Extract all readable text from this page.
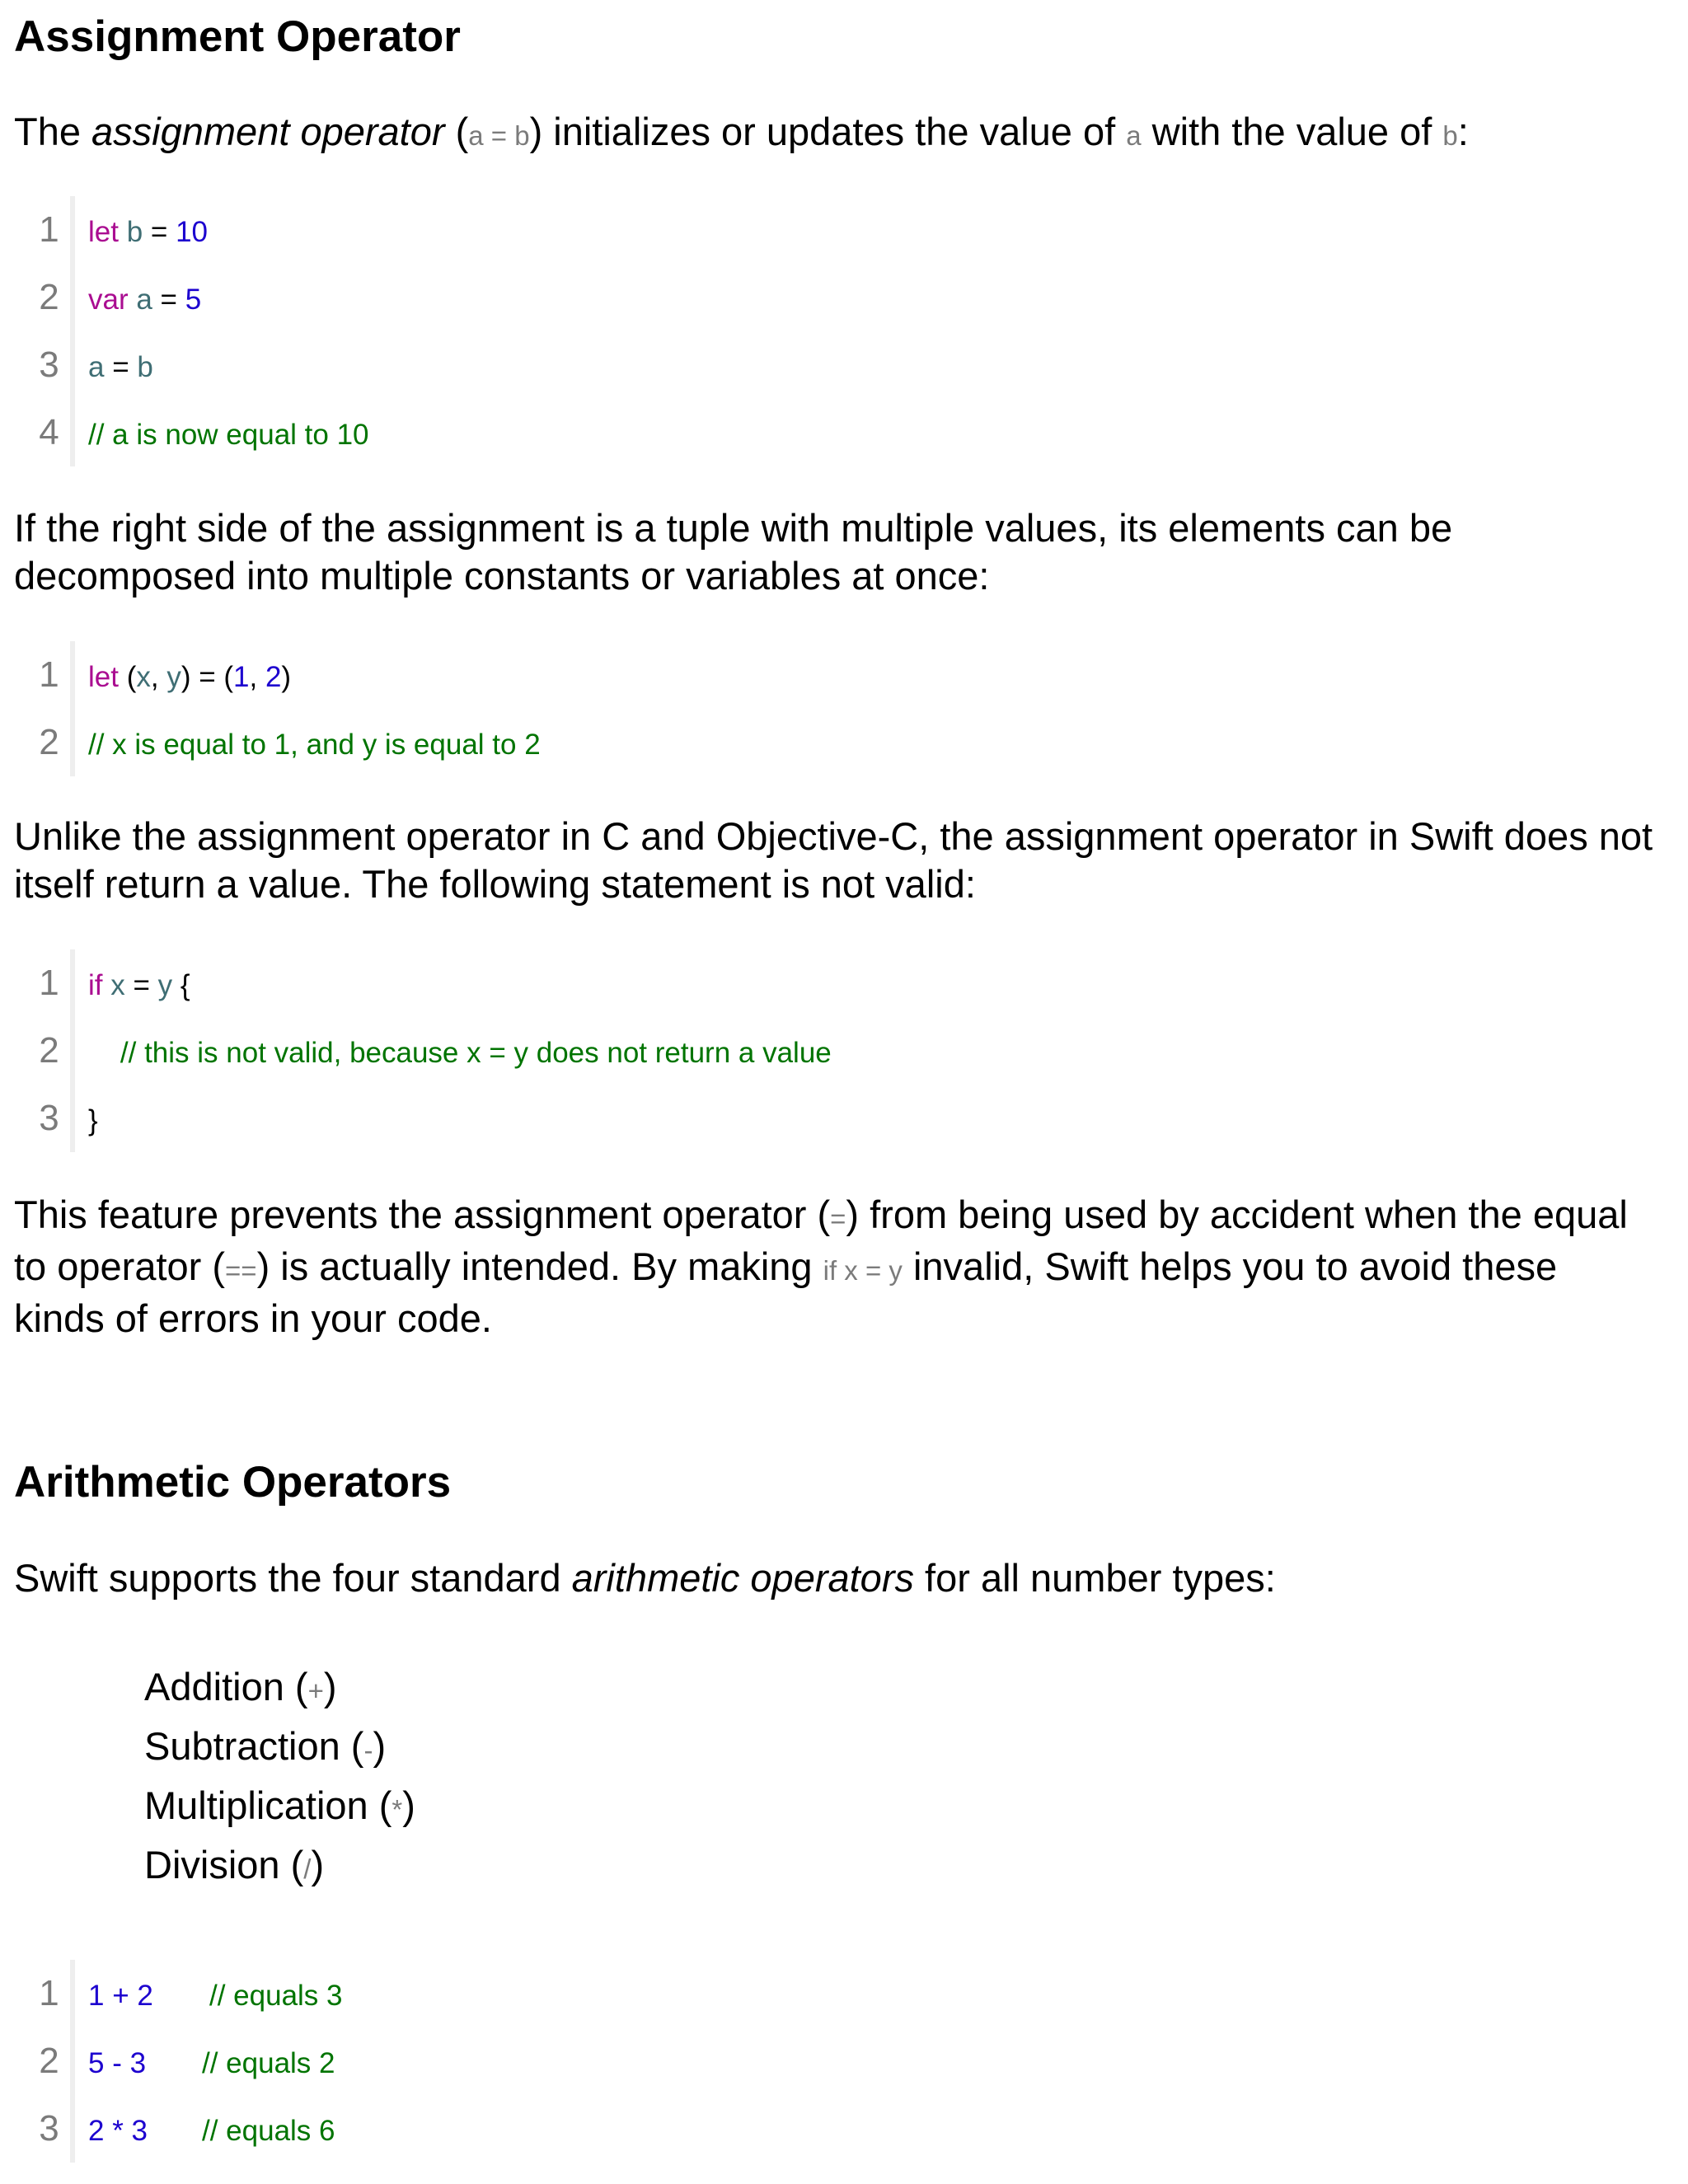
Assignment Operator

The assignment operator (a = b) initializes or updates the value of a with the value of b:

1 let b = 10
2 var a = 5
3 a = b
4 // a is now equal to 10

If the right side of the assignment is a tuple with multiple values, its elements can be
decomposed into multiple constants or variables at once:

1 let (x, y) = (1, 2)
2 // x is equal to 1, and y is equal to 2

Unlike the assignment operator in C and Objective-C, the assignment operator in Swift does not
itself return a value. The following statement is not valid:

1 if x = y {
2 // this is not valid, because x = y does not return a value
3 }

This feature prevents the assignment operator (=) from being used by accident when the equal
to operator (==) is actually intended. By making if x = y invalid, Swift helps you to avoid these
kinds of errors in your code.

Arithmetic Operators

Swift supports the four standard arithmetic operators for all number types:

Addition (+)
Subtraction (-)
Multiplication (*)
Division (/)
1 1 + 2 // equals 3
2 5 - 3 // equals 2
3 2 * 3 // equals 6
